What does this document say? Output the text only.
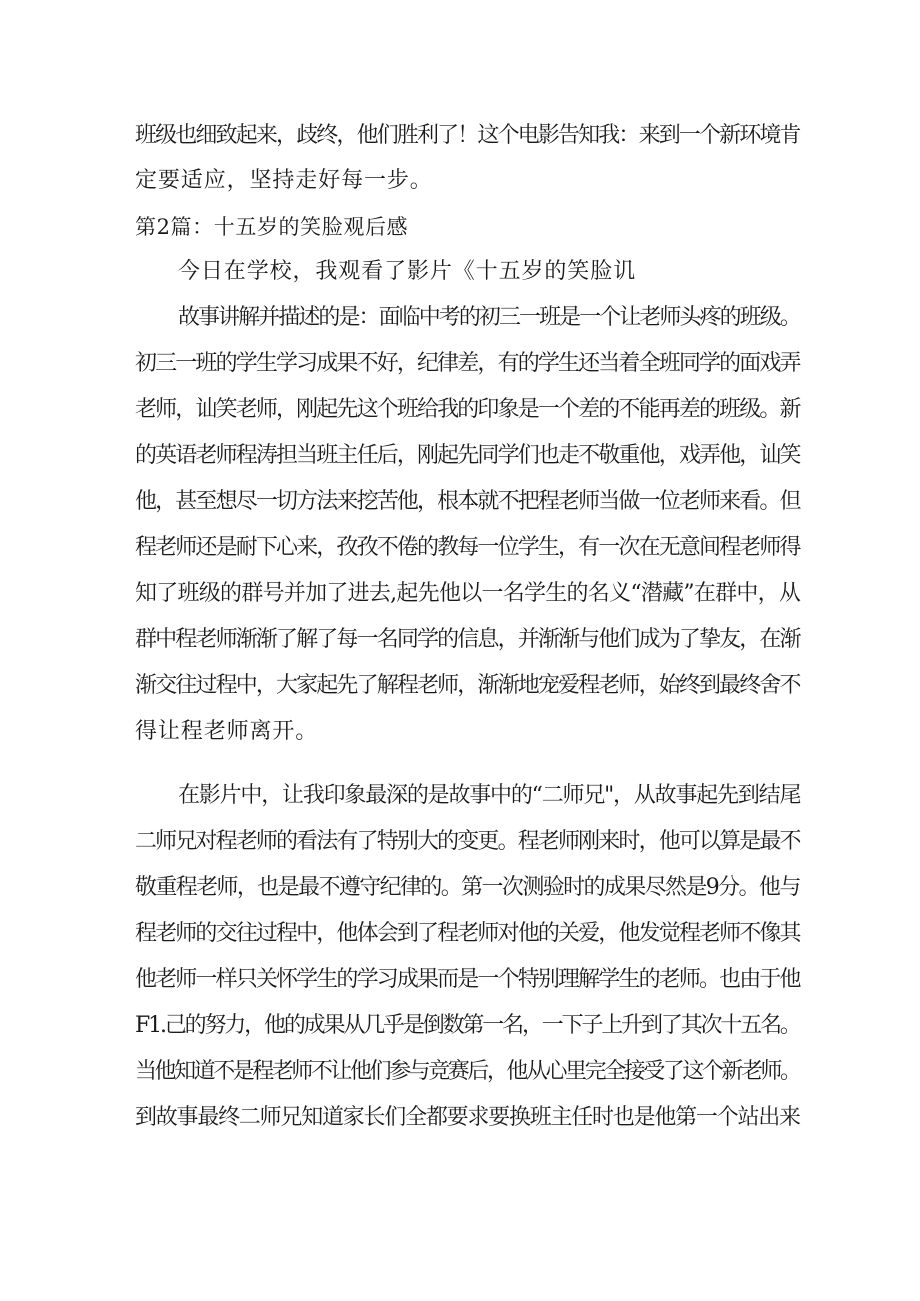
班级也细致起来，歧终，他们胜利了！这个电影告知我：来到一个新环境肯
定要适应，坚持走好每一步。
第2篇：十五岁的笑脸观后感
今日在学校，我观看了影片《十五岁的笑脸讥
故事讲解并描述的是：面临中考的初三一班是一个让老师头疼的班级。
初三一班的学生学习成果不好，纪律差，有的学生还当着全班同学的面戏弄
老师，讪笑老师，刚起先这个班给我的印象是一个差的不能再差的班级。新
的英语老师程涛担当班主任后，刚起先同学们也走不敬重他，戏弄他，讪笑
他，甚至想尽一切方法来挖苦他，根本就不把程老师当做一位老师来看。但
程老师还是耐下心来，孜孜不倦的教每一位学生，有一次在无意间程老师得
知了班级的群号并加了进去,起先他以一名学生的名义“潜藏”在群中，从
群中程老师渐渐了解了每一名同学的信息，并渐渐与他们成为了挚友，在渐
渐交往过程中，大家起先了解程老师，渐渐地宠爱程老师，始终到最终舍不
得让程老师离开。
在影片中，让我印象最深的是故事中的“二师兄"，从故事起先到结尾
二师兄对程老师的看法有了特别大的变更。程老师刚来时，他可以算是最不
敬重程老师，也是最不遵守纪律的。第一次测验时的成果尽然是9分。他与
程老师的交往过程中，他体会到了程老师对他的关爱，他发觉程老师不像其
他老师一样只关怀学生的学习成果而是一个特别理解学生的老师。也由于他
F1.己的努力，他的成果从几乎是倒数第一名，一下子上升到了其次十五名。
当他知道不是程老师不让他们参与竞赛后，他从心里完全接受了这个新老师。
到故事最终二师兄知道家长们全都要求要换班主任时也是他第一个站出来
